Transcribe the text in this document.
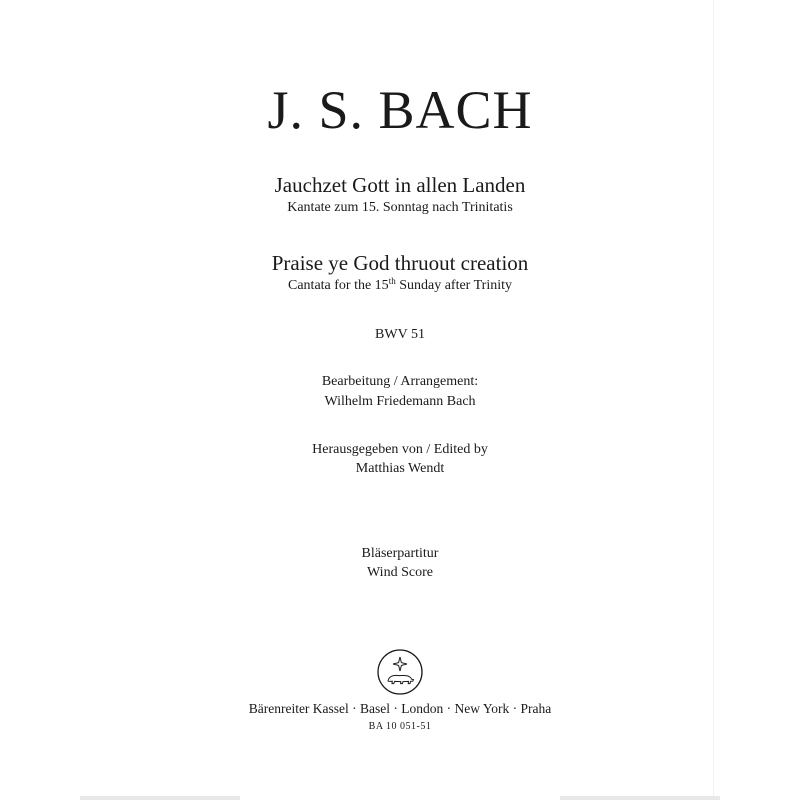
J. S. BACH
Jauchzet Gott in allen Landen
Kantate zum 15. Sonntag nach Trinitatis
Praise ye God thruout creation
Cantata for the 15th Sunday after Trinity
BWV 51
Bearbeitung / Arrangement:
Wilhelm Friedemann Bach
Herausgegeben von / Edited by
Matthias Wendt
Bläserpartitur
Wind Score
Bärenreiter Kassel · Basel · London · New York · Praha
BA 10 051-51
